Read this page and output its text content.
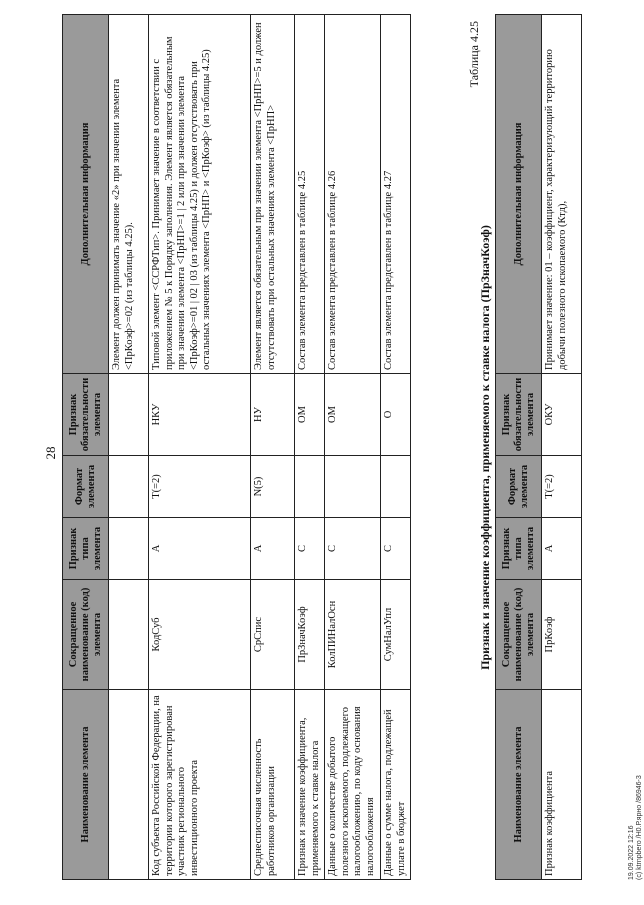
28
Наименование элемента	Сокращенное наименование (код) элемента	Признак типа элемента	Формат элемента	Признак обязательности элемента	Дополнительная информация
					Элемент должен принимать значение «2» при значении элемента <ПрКоэф>=02 (из таблицы 4.25).
Код субъекта Российской Федерации, на территории которого зарегистрирован участник регионального инвестиционного проекта	КодСуб	А	T(=2)	НКУ	Типовой элемент <ССРФТип>. Принимает значение в соответствии с приложением № 5 к Порядку заполнения. Элемент является обязательным при значении элемента <ПрНП>=1 | 2 или при значении элемента <ПрКоэф>=01 | 02 | 03 (из таблицы 4.25) и должен отсутствовать при остальных значениях элемента <ПрНП> и <ПрКоэф> (из таблицы 4.25)
Среднесписочная численность работников организации	СрСпис	А	N(5)	НУ	Элемент является обязательным при значении элемента <ПрНП>=5 и должен отсутствовать при остальных значениях элемента <ПрНП>
Признак и значение коэффициента, применяемого к ставке налога	ПрЗначКоэф	С		ОМ	Состав элемента представлен в таблице 4.25
Данные о количестве добытого полезного ископаемого, подлежащего налогообложению, по коду основания налогообложения	КолПИНалОсн	С		ОМ	Состав элемента представлен в таблице 4.26
Данные о сумме налога, подлежащей уплате в бюджет	СумНалУпл	С		О	Состав элемента представлен в таблице 4.27
Таблица 4.25
Признак и значение коэффициента, применяемого к ставке налога (ПрЗначКоэф)
Наименование элемента	Сокращенное наименование (код) элемента	Признак типа элемента	Формат элемента	Признак обязательности элемента	Дополнительная информация
Признак коэффициента	ПрКоэф	А	T(=2)	ОКУ	Принимает значение: 01 – коэффициент, характеризующий территорию добычи полезного ископаемого (Ктд),
19.09.2022 12:16 (c) ktrnpbero /Н0.Р.ярно /86946-3
